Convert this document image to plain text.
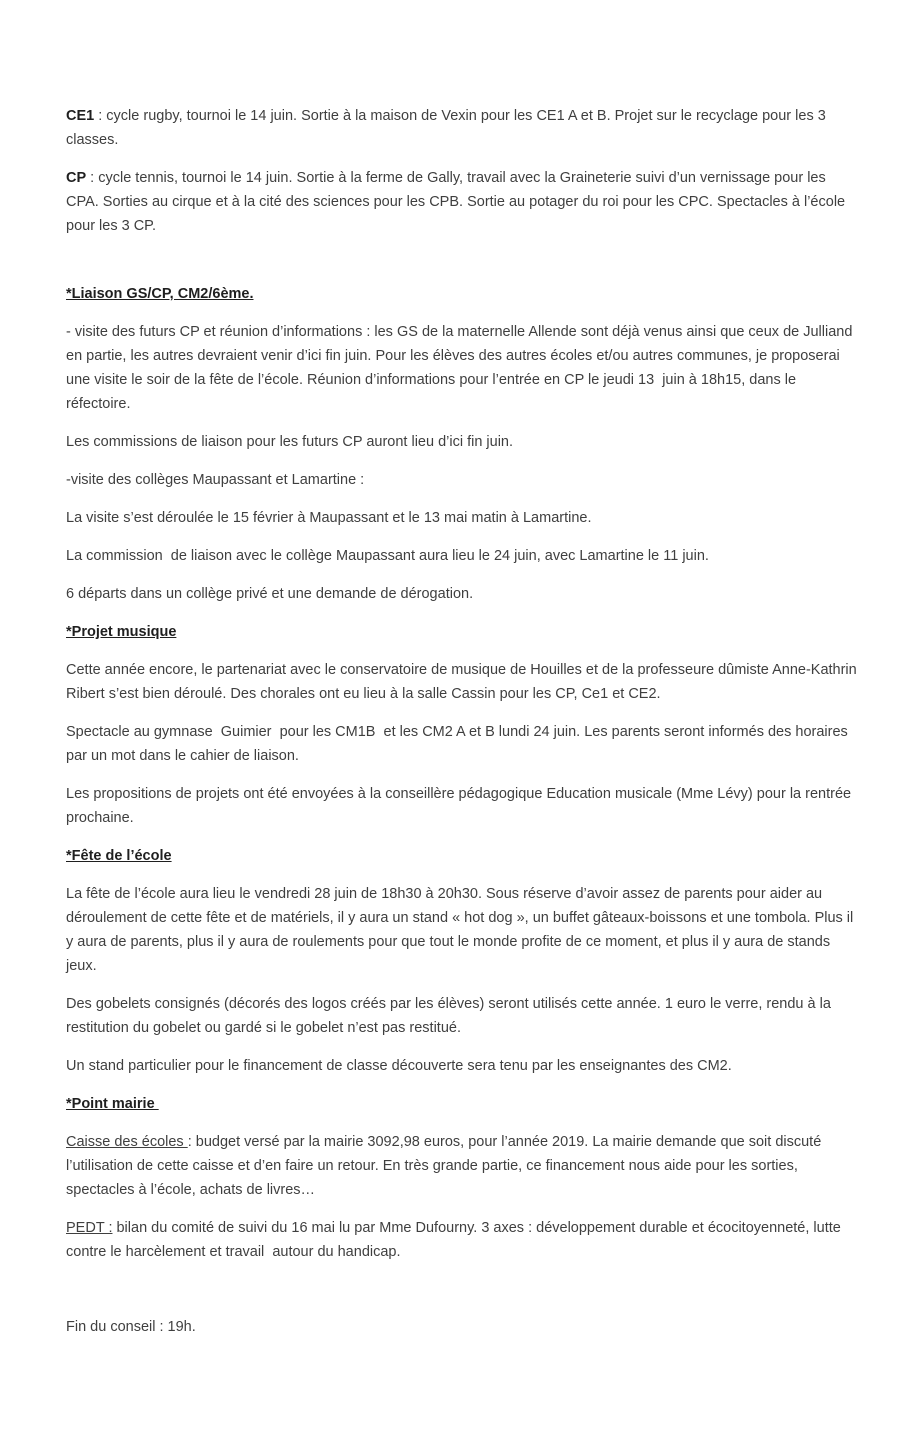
CE1 : cycle rugby, tournoi le 14 juin. Sortie à la maison de Vexin pour les CE1 A et B. Projet sur le recyclage pour les 3 classes.

CP : cycle tennis, tournoi le 14 juin. Sortie à la ferme de Gally, travail avec la Graineterie suivi d’un vernissage pour les CPA. Sorties au cirque et à la cité des sciences pour les CPB. Sortie au potager du roi pour les CPC. Spectacles à l’école pour les 3 CP.

*Liaison GS/CP, CM2/6ème.

- visite des futurs CP et réunion d’informations : les GS de la maternelle Allende sont déjà venus ainsi que ceux de Julliand en partie, les autres devraient venir d’ici fin juin. Pour les élèves des autres écoles et/ou autres communes, je proposerai une visite le soir de la fête de l’école. Réunion d’informations pour l’entrée en CP le jeudi 13  juin à 18h15, dans le réfectoire.

Les commissions de liaison pour les futurs CP auront lieu d’ici fin juin.

-visite des collèges Maupassant et Lamartine :

La visite s’est déroulée le 15 février à Maupassant et le 13 mai matin à Lamartine.

La commission  de liaison avec le collège Maupassant aura lieu le 24 juin, avec Lamartine le 11 juin.

6 départs dans un collège privé et une demande de dérogation.

*Projet musique

Cette année encore, le partenariat avec le conservatoire de musique de Houilles et de la professeure dûmiste Anne-Kathrin Ribert s’est bien déroulé. Des chorales ont eu lieu à la salle Cassin pour les CP, Ce1 et CE2.

Spectacle au gymnase  Guimier  pour les CM1B  et les CM2 A et B lundi 24 juin. Les parents seront informés des horaires par un mot dans le cahier de liaison.

Les propositions de projets ont été envoyées à la conseillère pédagogique Education musicale (Mme Lévy) pour la rentrée prochaine.

*Fête de l’école

La fête de l’école aura lieu le vendredi 28 juin de 18h30 à 20h30. Sous réserve d’avoir assez de parents pour aider au déroulement de cette fête et de matériels, il y aura un stand « hot dog », un buffet gâteaux-boissons et une tombola. Plus il y aura de parents, plus il y aura de roulements pour que tout le monde profite de ce moment, et plus il y aura de stands jeux.

Des gobelets consignés (décorés des logos créés par les élèves) seront utilisés cette année. 1 euro le verre, rendu à la restitution du gobelet ou gardé si le gobelet n’est pas restitué.

Un stand particulier pour le financement de classe découverte sera tenu par les enseignantes des CM2.

*Point mairie

Caisse des écoles : budget versé par la mairie 3092,98 euros, pour l’année 2019. La mairie demande que soit discuté l’utilisation de cette caisse et d’en faire un retour. En très grande partie, ce financement nous aide pour les sorties, spectacles à l’école, achats de livres…

PEDT : bilan du comité de suivi du 16 mai lu par Mme Dufourny. 3 axes : développement durable et écocitoyenneté, lutte contre le harcèlement et travail  autour du handicap.

Fin du conseil : 19h.
